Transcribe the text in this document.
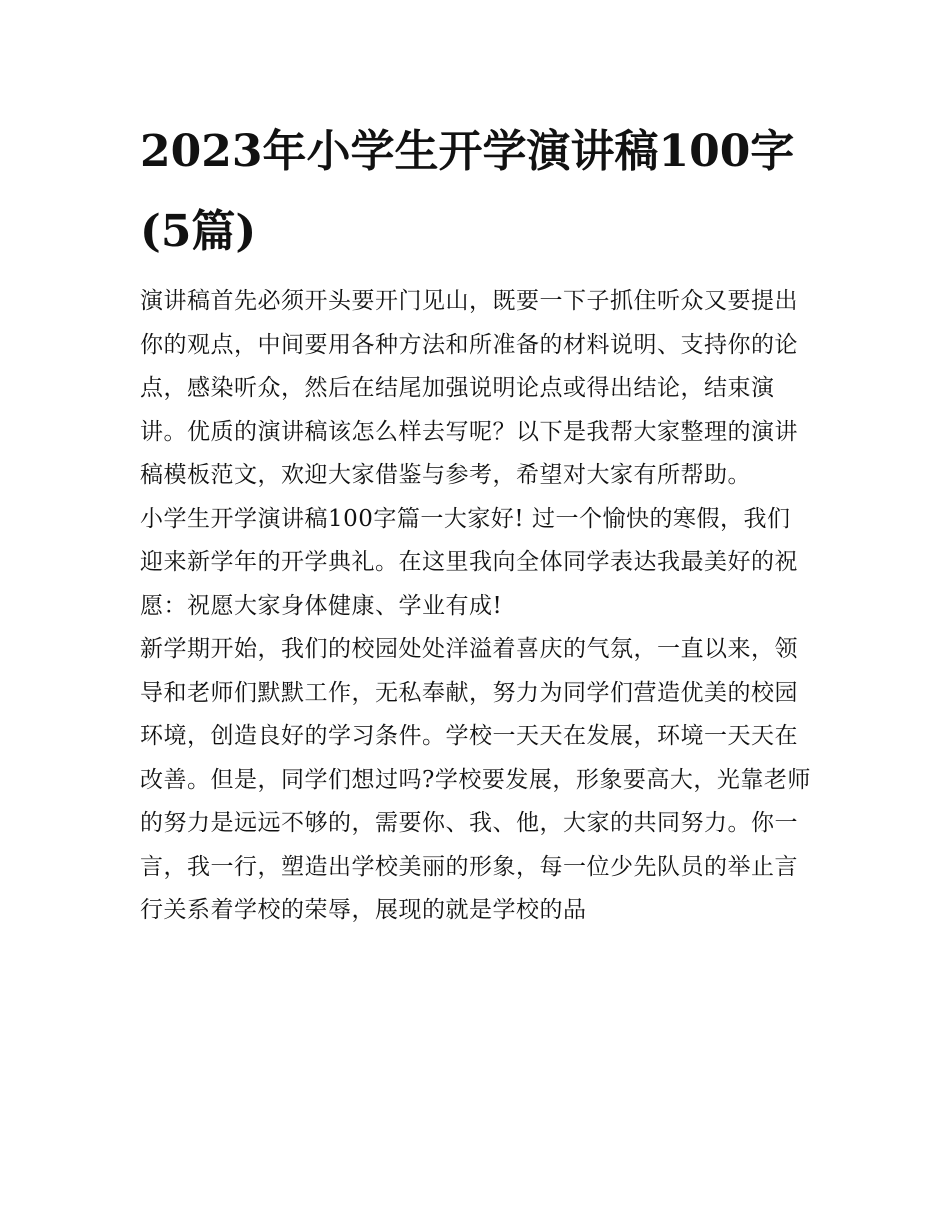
2023年小学生开学演讲稿100字(5篇)

演讲稿首先必须开头要开门见山，既要一下子抓住听众又要提出你的观点，中间要用各种方法和所准备的材料说明、支持你的论点，感染听众，然后在结尾加强说明论点或得出结论，结束演讲。优质的演讲稿该怎么样去写呢？以下是我帮大家整理的演讲稿模板范文，欢迎大家借鉴与参考，希望对大家有所帮助。

小学生开学演讲稿100字篇一大家好! 过一个愉快的寒假，我们迎来新学年的开学典礼。在这里我向全体同学表达我最美好的祝愿：祝愿大家身体健康、学业有成!

新学期开始，我们的校园处处洋溢着喜庆的气氛，一直以来，领导和老师们默默工作，无私奉献，努力为同学们营造优美的校园环境，创造良好的学习条件。学校一天天在发展，环境一天天在改善。但是，同学们想过吗?学校要发展，形象要高大，光靠老师的努力是远远不够的，需要你、我、他，大家的共同努力。你一言，我一行，塑造出学校美丽的形象，每一位少先队员的举止言行关系着学校的荣辱，展现的就是学校的品
